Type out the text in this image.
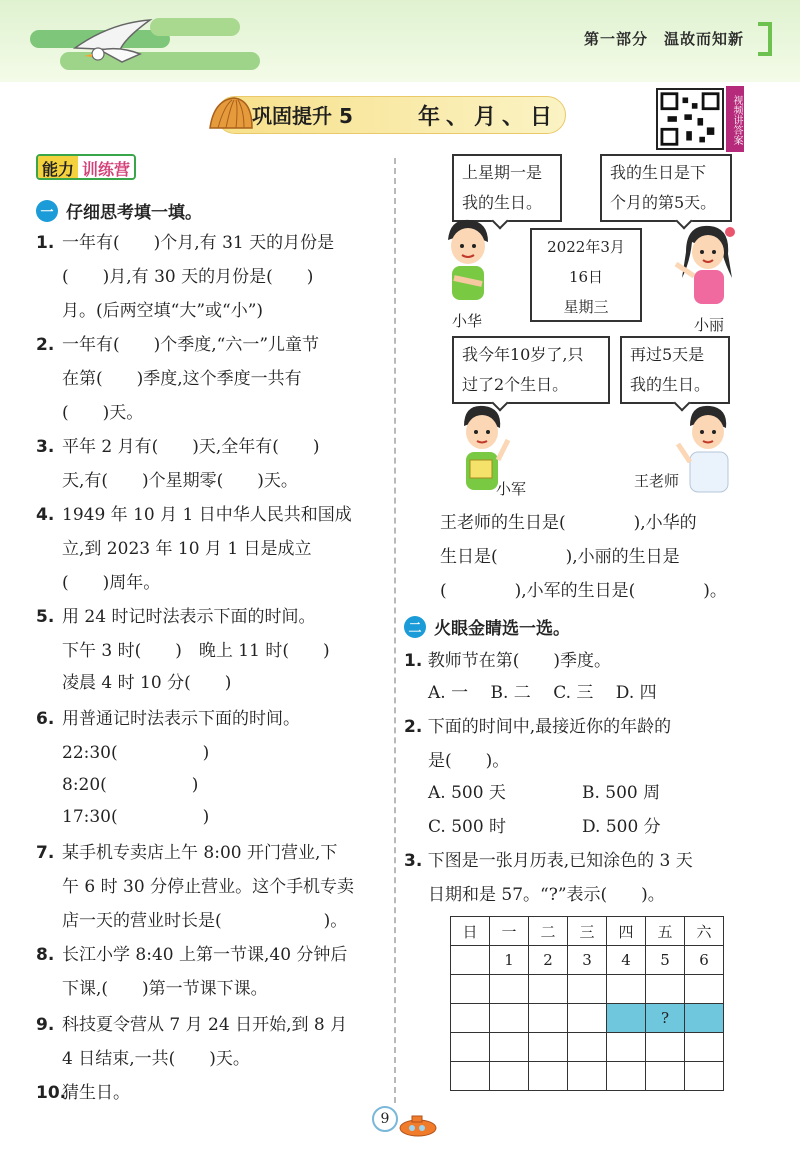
第一部分　温故而知新
巩固提升 5	年、月、日	视频讲答案
能力 训练营
一 仔细思考填一填。
1. 一年有(　　)个月,有 31 天的月份是
(　　)月,有 30 天的月份是(　　)
月。(后两空填“大”或“小”)
2. 一年有(　　)个季度,“六一”儿童节
在第(　　)季度,这个季度一共有
(　　)天。
3. 平年 2 月有(　　)天,全年有(　　)
天,有(　　)个星期零(　　)天。
4. 1949 年 10 月 1 日中华人民共和国成
立,到 2023 年 10 月 1 日是成立
(　　)周年。
5. 用 24 时记时法表示下面的时间。
下午 3 时(　　)　晚上 11 时(　　)
凌晨 4 时 10 分(　　)
6. 用普通记时法表示下面的时间。
22:30(　　　　　)
8:20(　　　　　)
17:30(　　　　　)
7. 某手机专卖店上午 8:00 开门营业,下
午 6 时 30 分停止营业。这个手机专卖
店一天的营业时长是(　　　　　　)。
8. 长江小学 8:40 上第一节课,40 分钟后
下课,(　　)第一节课下课。
9. 科技夏令营从 7 月 24 日开始,到 8 月
4 日结束,一共(　　)天。
10.猜生日。
上星期一是
我的生日。
我的生日是下
个月的第5天。
2022年3月
16日
星期三
我今年10岁了,只
过了2个生日。
再过5天是
我的生日。
小华	小丽
小军	王老师
王老师的生日是(　　　　),小华的
生日是(　　　　),小丽的生日是
(　　　　),小军的生日是(　　　　)。
二 火眼金睛选一选。
1. 教师节在第(　　)季度。
A. 一　 B. 二　 C. 三　 D. 四
2. 下面的时间中,最接近你的年龄的
是(　　)。
A. 500 天	B. 500 周
C. 500 时	D. 500 分
3. 下图是一张月历表,已知涂色的 3 天
日期和是 57。“?”表示(　　)。
日	一	二	三	四	五	六
	1	2	3	4	5	6

					?	

9
